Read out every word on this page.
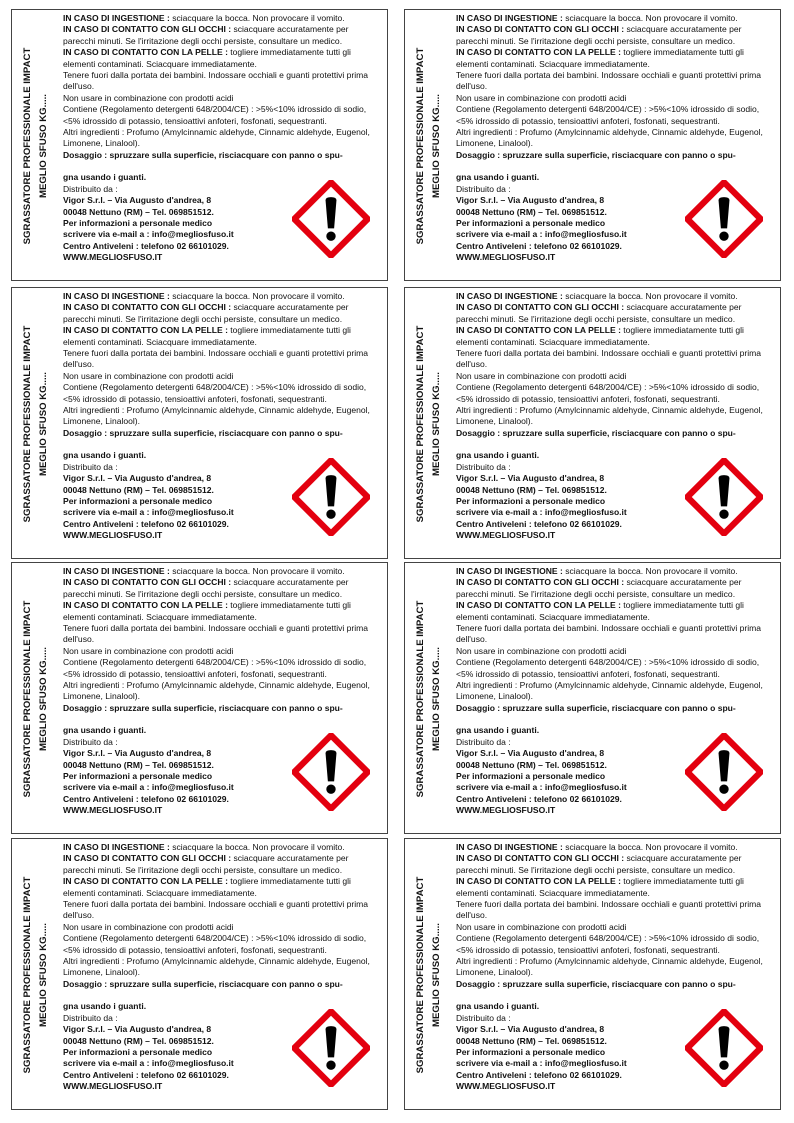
SGRASSATORE PROFESSIONALE IMPACT MEGLIO SFUSO KG.....

IN CASO DI INGESTIONE : sciacquare la bocca. Non provocare il vomito.

IN CASO DI CONTATTO CON GLI OCCHI : sciacquare accuratamente per parecchi minuti. Se l'irritazione degli occhi persiste, consultare un medico.

IN CASO DI CONTATTO CON LA PELLE : togliere immediatamente tutti gli elementi contaminati. Sciacquare immediatamente.

Tenere fuori dalla portata dei bambini. Indossare occhiali e guanti protettivi prima dell'uso.

Non usare in combinazione con prodotti acidi

Contiene (Regolamento detergenti 648/2004/CE) : >5%<10% idrossido di sodio, <5% idrossido di potassio, tensioattivi anfoteri, fosfonati, sequestranti.

Altri ingredienti : Profumo (Amylcinnamic aldehyde, Cinnamic aldehyde, Eugenol, Limonene, Linalool).

Dosaggio : spruzzare sulla superficie, risciacquare con panno o spu-

gna usando i guanti.

Distribuito da :

Vigor S.r.l. – Via Augusto d'andrea, 8

00048 Nettuno (RM) – Tel. 069851512.

Per informazioni a personale medico

scrivere via e-mail a : info@megliosfuso.it

Centro Antiveleni : telefono 02 66101029.

WWW.MEGLIOSFUSO.IT

SGRASSATORE PROFESSIONALE IMPACT MEGLIO SFUSO KG.....

IN CASO DI INGESTIONE : sciacquare la bocca. Non provocare il vomito.

IN CASO DI CONTATTO CON GLI OCCHI : sciacquare accuratamente per parecchi minuti. Se l'irritazione degli occhi persiste, consultare un medico.

IN CASO DI CONTATTO CON LA PELLE : togliere immediatamente tutti gli elementi contaminati. Sciacquare immediatamente.

Tenere fuori dalla portata dei bambini. Indossare occhiali e guanti protettivi prima dell'uso.

Non usare in combinazione con prodotti acidi

Contiene (Regolamento detergenti 648/2004/CE) : >5%<10% idrossido di sodio, <5% idrossido di potassio, tensioattivi anfoteri, fosfonati, sequestranti.

Altri ingredienti : Profumo (Amylcinnamic aldehyde, Cinnamic aldehyde, Eugenol, Limonene, Linalool).

Dosaggio : spruzzare sulla superficie, risciacquare con panno o spu-

gna usando i guanti.

Distribuito da :

Vigor S.r.l. – Via Augusto d'andrea, 8

00048 Nettuno (RM) – Tel. 069851512.

Per informazioni a personale medico

scrivere via e-mail a : info@megliosfuso.it

Centro Antiveleni : telefono 02 66101029.

WWW.MEGLIOSFUSO.IT

SGRASSATORE PROFESSIONALE IMPACT MEGLIO SFUSO KG.....

IN CASO DI INGESTIONE : sciacquare la bocca. Non provocare il vomito.

IN CASO DI CONTATTO CON GLI OCCHI : sciacquare accuratamente per parecchi minuti. Se l'irritazione degli occhi persiste, consultare un medico.

IN CASO DI CONTATTO CON LA PELLE : togliere immediatamente tutti gli elementi contaminati. Sciacquare immediatamente.

Tenere fuori dalla portata dei bambini. Indossare occhiali e guanti protettivi prima dell'uso.

Non usare in combinazione con prodotti acidi

Contiene (Regolamento detergenti 648/2004/CE) : >5%<10% idrossido di sodio, <5% idrossido di potassio, tensioattivi anfoteri, fosfonati, sequestranti.

Altri ingredienti : Profumo (Amylcinnamic aldehyde, Cinnamic aldehyde, Eugenol, Limonene, Linalool).

Dosaggio : spruzzare sulla superficie, risciacquare con panno o spu-

gna usando i guanti.

Distribuito da :

Vigor S.r.l. – Via Augusto d'andrea, 8

00048 Nettuno (RM) – Tel. 069851512.

Per informazioni a personale medico

scrivere via e-mail a : info@megliosfuso.it

Centro Antiveleni : telefono 02 66101029.

WWW.MEGLIOSFUSO.IT

SGRASSATORE PROFESSIONALE IMPACT MEGLIO SFUSO KG.....

IN CASO DI INGESTIONE : sciacquare la bocca. Non provocare il vomito.

IN CASO DI CONTATTO CON GLI OCCHI : sciacquare accuratamente per parecchi minuti. Se l'irritazione degli occhi persiste, consultare un medico.

IN CASO DI CONTATTO CON LA PELLE : togliere immediatamente tutti gli elementi contaminati. Sciacquare immediatamente.

Tenere fuori dalla portata dei bambini. Indossare occhiali e guanti protettivi prima dell'uso.

Non usare in combinazione con prodotti acidi

Contiene (Regolamento detergenti 648/2004/CE) : >5%<10% idrossido di sodio, <5% idrossido di potassio, tensioattivi anfoteri, fosfonati, sequestranti.

Altri ingredienti : Profumo (Amylcinnamic aldehyde, Cinnamic aldehyde, Eugenol, Limonene, Linalool).

Dosaggio : spruzzare sulla superficie, risciacquare con panno o spu-

gna usando i guanti.

Distribuito da :

Vigor S.r.l. – Via Augusto d'andrea, 8

00048 Nettuno (RM) – Tel. 069851512.

Per informazioni a personale medico

scrivere via e-mail a : info@megliosfuso.it

Centro Antiveleni : telefono 02 66101029.

WWW.MEGLIOSFUSO.IT

SGRASSATORE PROFESSIONALE IMPACT MEGLIO SFUSO KG.....

IN CASO DI INGESTIONE : sciacquare la bocca. Non provocare il vomito.

IN CASO DI CONTATTO CON GLI OCCHI : sciacquare accuratamente per parecchi minuti. Se l'irritazione degli occhi persiste, consultare un medico.

IN CASO DI CONTATTO CON LA PELLE : togliere immediatamente tutti gli elementi contaminati. Sciacquare immediatamente.

Tenere fuori dalla portata dei bambini. Indossare occhiali e guanti protettivi prima dell'uso.

Non usare in combinazione con prodotti acidi

Contiene (Regolamento detergenti 648/2004/CE) : >5%<10% idrossido di sodio, <5% idrossido di potassio, tensioattivi anfoteri, fosfonati, sequestranti.

Altri ingredienti : Profumo (Amylcinnamic aldehyde, Cinnamic aldehyde, Eugenol, Limonene, Linalool).

Dosaggio : spruzzare sulla superficie, risciacquare con panno o spu-

gna usando i guanti.

Distribuito da :

Vigor S.r.l. – Via Augusto d'andrea, 8

00048 Nettuno (RM) – Tel. 069851512.

Per informazioni a personale medico

scrivere via e-mail a : info@megliosfuso.it

Centro Antiveleni : telefono 02 66101029.

WWW.MEGLIOSFUSO.IT

SGRASSATORE PROFESSIONALE IMPACT MEGLIO SFUSO KG.....

IN CASO DI INGESTIONE : sciacquare la bocca. Non provocare il vomito.

IN CASO DI CONTATTO CON GLI OCCHI : sciacquare accuratamente per parecchi minuti. Se l'irritazione degli occhi persiste, consultare un medico.

IN CASO DI CONTATTO CON LA PELLE : togliere immediatamente tutti gli elementi contaminati. Sciacquare immediatamente.

Tenere fuori dalla portata dei bambini. Indossare occhiali e guanti protettivi prima dell'uso.

Non usare in combinazione con prodotti acidi

Contiene (Regolamento detergenti 648/2004/CE) : >5%<10% idrossido di sodio, <5% idrossido di potassio, tensioattivi anfoteri, fosfonati, sequestranti.

Altri ingredienti : Profumo (Amylcinnamic aldehyde, Cinnamic aldehyde, Eugenol, Limonene, Linalool).

Dosaggio : spruzzare sulla superficie, risciacquare con panno o spu-

gna usando i guanti.

Distribuito da :

Vigor S.r.l. – Via Augusto d'andrea, 8

00048 Nettuno (RM) – Tel. 069851512.

Per informazioni a personale medico

scrivere via e-mail a : info@megliosfuso.it

Centro Antiveleni : telefono 02 66101029.

WWW.MEGLIOSFUSO.IT

SGRASSATORE PROFESSIONALE IMPACT MEGLIO SFUSO KG.....

IN CASO DI INGESTIONE : sciacquare la bocca. Non provocare il vomito.

IN CASO DI CONTATTO CON GLI OCCHI : sciacquare accuratamente per parecchi minuti. Se l'irritazione degli occhi persiste, consultare un medico.

IN CASO DI CONTATTO CON LA PELLE : togliere immediatamente tutti gli elementi contaminati. Sciacquare immediatamente.

Tenere fuori dalla portata dei bambini. Indossare occhiali e guanti protettivi prima dell'uso.

Non usare in combinazione con prodotti acidi

Contiene (Regolamento detergenti 648/2004/CE) : >5%<10% idrossido di sodio, <5% idrossido di potassio, tensioattivi anfoteri, fosfonati, sequestranti.

Altri ingredienti : Profumo (Amylcinnamic aldehyde, Cinnamic aldehyde, Eugenol, Limonene, Linalool).

Dosaggio : spruzzare sulla superficie, risciacquare con panno o spu-

gna usando i guanti.

Distribuito da :

Vigor S.r.l. – Via Augusto d'andrea, 8

00048 Nettuno (RM) – Tel. 069851512.

Per informazioni a personale medico

scrivere via e-mail a : info@megliosfuso.it

Centro Antiveleni : telefono 02 66101029.

WWW.MEGLIOSFUSO.IT

SGRASSATORE PROFESSIONALE IMPACT MEGLIO SFUSO KG.....

IN CASO DI INGESTIONE : sciacquare la bocca. Non provocare il vomito.

IN CASO DI CONTATTO CON GLI OCCHI : sciacquare accuratamente per parecchi minuti. Se l'irritazione degli occhi persiste, consultare un medico.

IN CASO DI CONTATTO CON LA PELLE : togliere immediatamente tutti gli elementi contaminati. Sciacquare immediatamente.

Tenere fuori dalla portata dei bambini. Indossare occhiali e guanti protettivi prima dell'uso.

Non usare in combinazione con prodotti acidi

Contiene (Regolamento detergenti 648/2004/CE) : >5%<10% idrossido di sodio, <5% idrossido di potassio, tensioattivi anfoteri, fosfonati, sequestranti.

Altri ingredienti : Profumo (Amylcinnamic aldehyde, Cinnamic aldehyde, Eugenol, Limonene, Linalool).

Dosaggio : spruzzare sulla superficie, risciacquare con panno o spu-

gna usando i guanti.

Distribuito da :

Vigor S.r.l. – Via Augusto d'andrea, 8

00048 Nettuno (RM) – Tel. 069851512.

Per informazioni a personale medico

scrivere via e-mail a : info@megliosfuso.it

Centro Antiveleni : telefono 02 66101029.

WWW.MEGLIOSFUSO.IT
